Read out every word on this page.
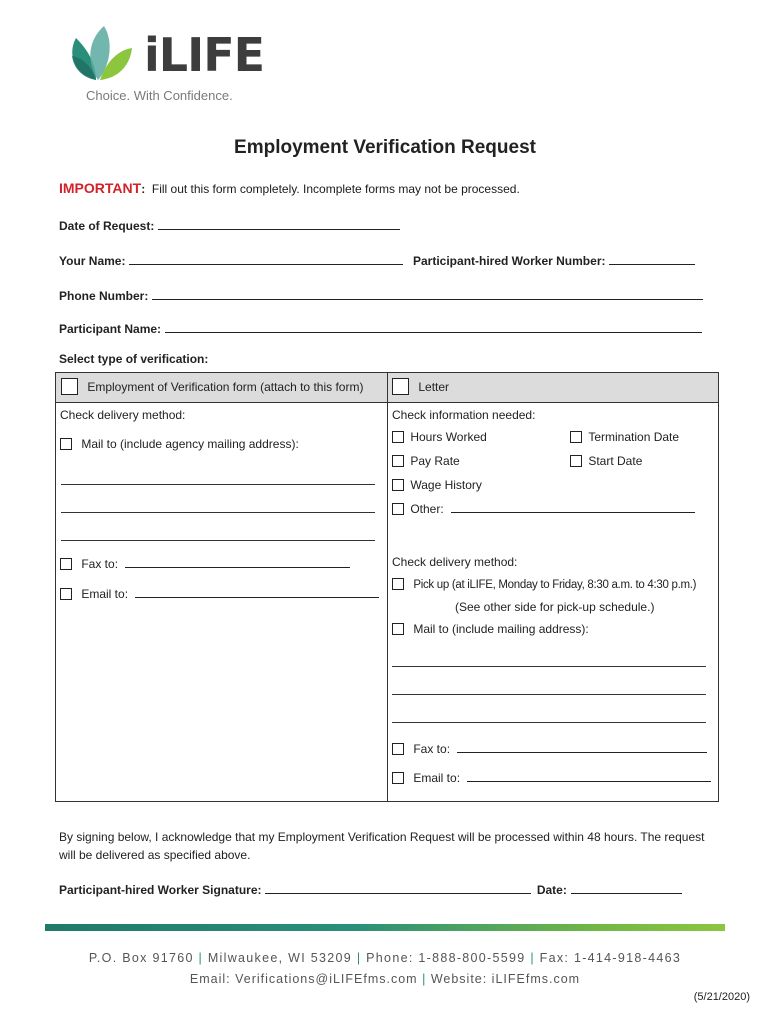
iLIFE
Choice. With Confidence.
Employment Verification Request
IMPORTANT: Fill out this form completely. Incomplete forms may not be processed.
Date of Request:
Your Name:	Participant-hired Worker Number:
Phone Number:
Participant Name:
Select type of verification:
Employment of Verification form (attach to this form)	Letter
Check delivery method:
Mail to (include agency mailing address):
Fax to:
Email to:
Check information needed:
Hours Worked	Termination Date
Pay Rate	Start Date
Wage History
Other:
Check delivery method:
Pick up (at iLIFE, Monday to Friday, 8:30 a.m. to 4:30 p.m.)
(See other side for pick-up schedule.)
Mail to (include mailing address):
Fax to:
Email to:
By signing below, I acknowledge that my Employment Verification Request will be processed within 48 hours. The request will be delivered as specified above.
Participant-hired Worker Signature:	Date:
P.O. Box 91760 | Milwaukee, WI 53209 | Phone: 1-888-800-5599 | Fax: 1-414-918-4463
Email: Verifications@iLIFEfms.com | Website: iLIFEfms.com
(5/21/2020)
